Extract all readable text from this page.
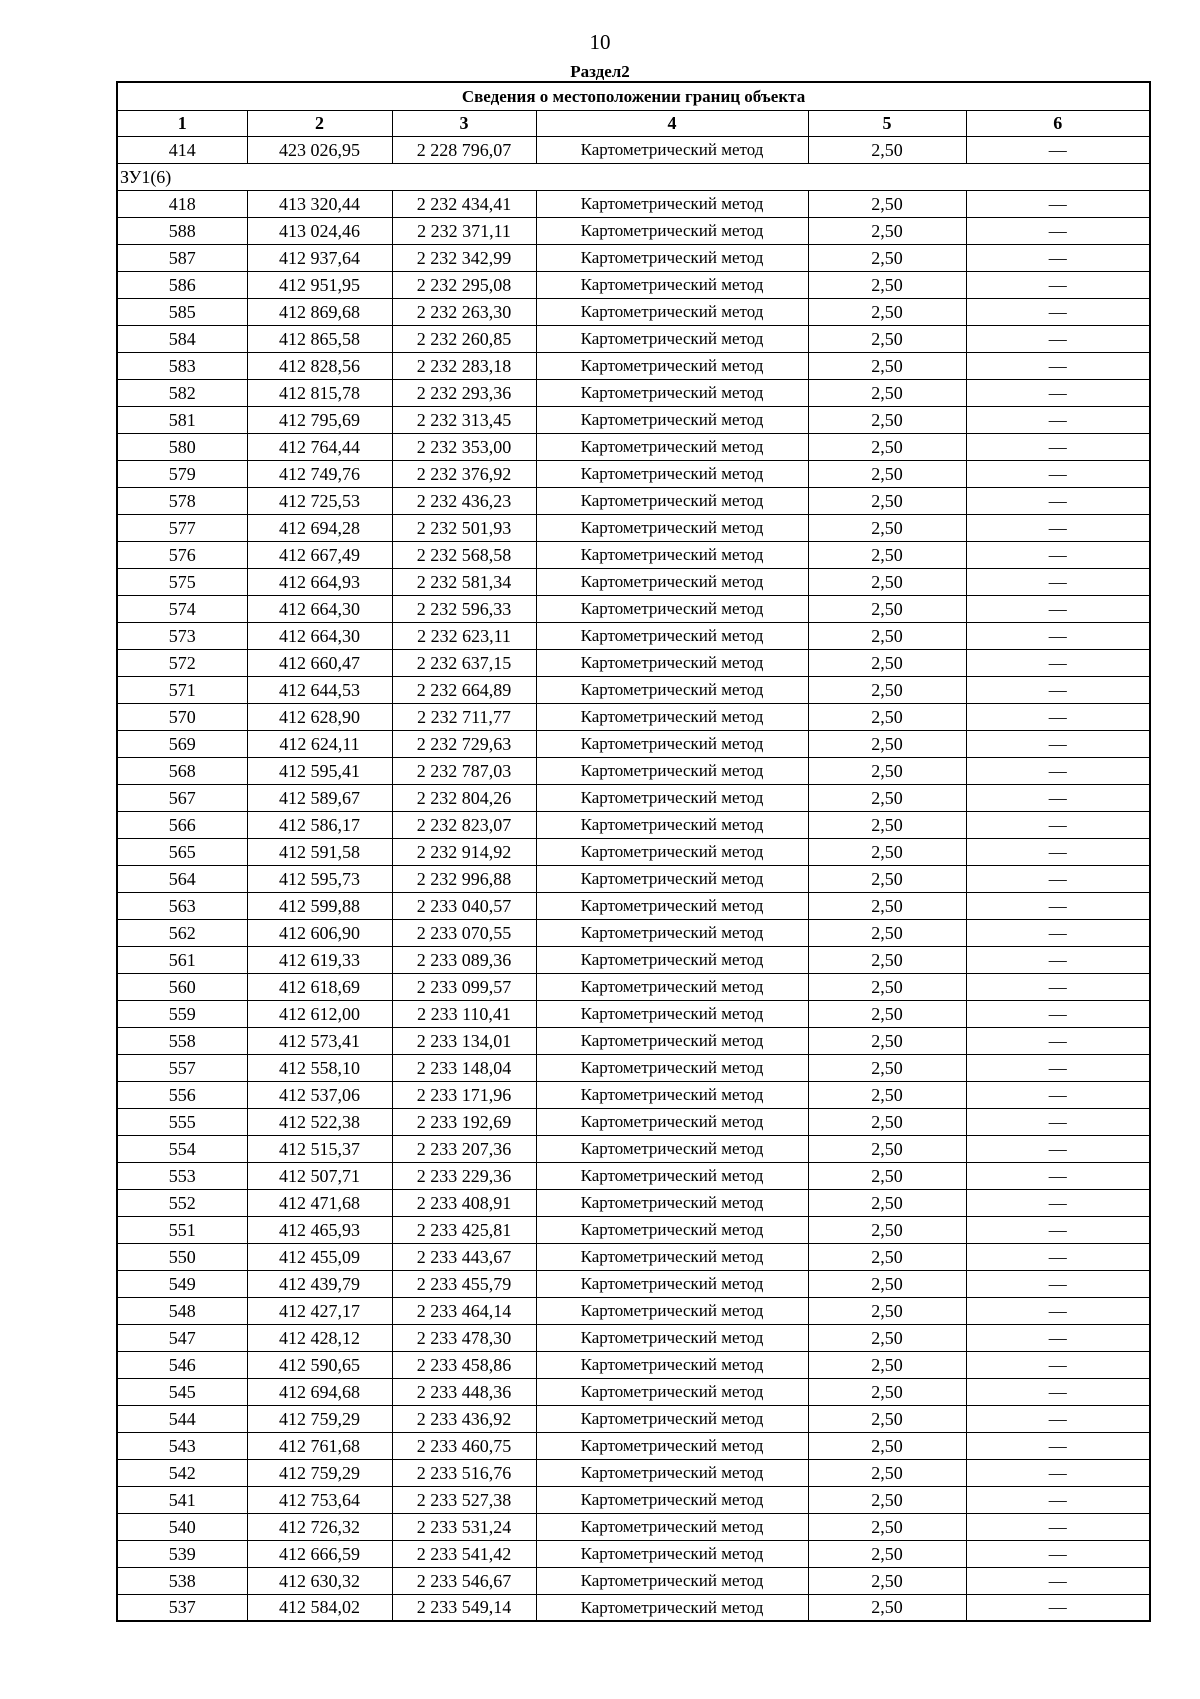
10
Раздел2
Сведения о местоположении границ объекта					
1	2	3	4	5	6
414	423 026,95	2 228 796,07	Картометрический метод	2,50	—
ЗУ1(6)					
418	413 320,44	2 232 434,41	Картометрический метод	2,50	—
588	413 024,46	2 232 371,11	Картометрический метод	2,50	—
587	412 937,64	2 232 342,99	Картометрический метод	2,50	—
586	412 951,95	2 232 295,08	Картометрический метод	2,50	—
585	412 869,68	2 232 263,30	Картометрический метод	2,50	—
584	412 865,58	2 232 260,85	Картометрический метод	2,50	—
583	412 828,56	2 232 283,18	Картометрический метод	2,50	—
582	412 815,78	2 232 293,36	Картометрический метод	2,50	—
581	412 795,69	2 232 313,45	Картометрический метод	2,50	—
580	412 764,44	2 232 353,00	Картометрический метод	2,50	—
579	412 749,76	2 232 376,92	Картометрический метод	2,50	—
578	412 725,53	2 232 436,23	Картометрический метод	2,50	—
577	412 694,28	2 232 501,93	Картометрический метод	2,50	—
576	412 667,49	2 232 568,58	Картометрический метод	2,50	—
575	412 664,93	2 232 581,34	Картометрический метод	2,50	—
574	412 664,30	2 232 596,33	Картометрический метод	2,50	—
573	412 664,30	2 232 623,11	Картометрический метод	2,50	—
572	412 660,47	2 232 637,15	Картометрический метод	2,50	—
571	412 644,53	2 232 664,89	Картометрический метод	2,50	—
570	412 628,90	2 232 711,77	Картометрический метод	2,50	—
569	412 624,11	2 232 729,63	Картометрический метод	2,50	—
568	412 595,41	2 232 787,03	Картометрический метод	2,50	—
567	412 589,67	2 232 804,26	Картометрический метод	2,50	—
566	412 586,17	2 232 823,07	Картометрический метод	2,50	—
565	412 591,58	2 232 914,92	Картометрический метод	2,50	—
564	412 595,73	2 232 996,88	Картометрический метод	2,50	—
563	412 599,88	2 233 040,57	Картометрический метод	2,50	—
562	412 606,90	2 233 070,55	Картометрический метод	2,50	—
561	412 619,33	2 233 089,36	Картометрический метод	2,50	—
560	412 618,69	2 233 099,57	Картометрический метод	2,50	—
559	412 612,00	2 233 110,41	Картометрический метод	2,50	—
558	412 573,41	2 233 134,01	Картометрический метод	2,50	—
557	412 558,10	2 233 148,04	Картометрический метод	2,50	—
556	412 537,06	2 233 171,96	Картометрический метод	2,50	—
555	412 522,38	2 233 192,69	Картометрический метод	2,50	—
554	412 515,37	2 233 207,36	Картометрический метод	2,50	—
553	412 507,71	2 233 229,36	Картометрический метод	2,50	—
552	412 471,68	2 233 408,91	Картометрический метод	2,50	—
551	412 465,93	2 233 425,81	Картометрический метод	2,50	—
550	412 455,09	2 233 443,67	Картометрический метод	2,50	—
549	412 439,79	2 233 455,79	Картометрический метод	2,50	—
548	412 427,17	2 233 464,14	Картометрический метод	2,50	—
547	412 428,12	2 233 478,30	Картометрический метод	2,50	—
546	412 590,65	2 233 458,86	Картометрический метод	2,50	—
545	412 694,68	2 233 448,36	Картометрический метод	2,50	—
544	412 759,29	2 233 436,92	Картометрический метод	2,50	—
543	412 761,68	2 233 460,75	Картометрический метод	2,50	—
542	412 759,29	2 233 516,76	Картометрический метод	2,50	—
541	412 753,64	2 233 527,38	Картометрический метод	2,50	—
540	412 726,32	2 233 531,24	Картометрический метод	2,50	—
539	412 666,59	2 233 541,42	Картометрический метод	2,50	—
538	412 630,32	2 233 546,67	Картометрический метод	2,50	—
537	412 584,02	2 233 549,14	Картометрический метод	2,50	—
